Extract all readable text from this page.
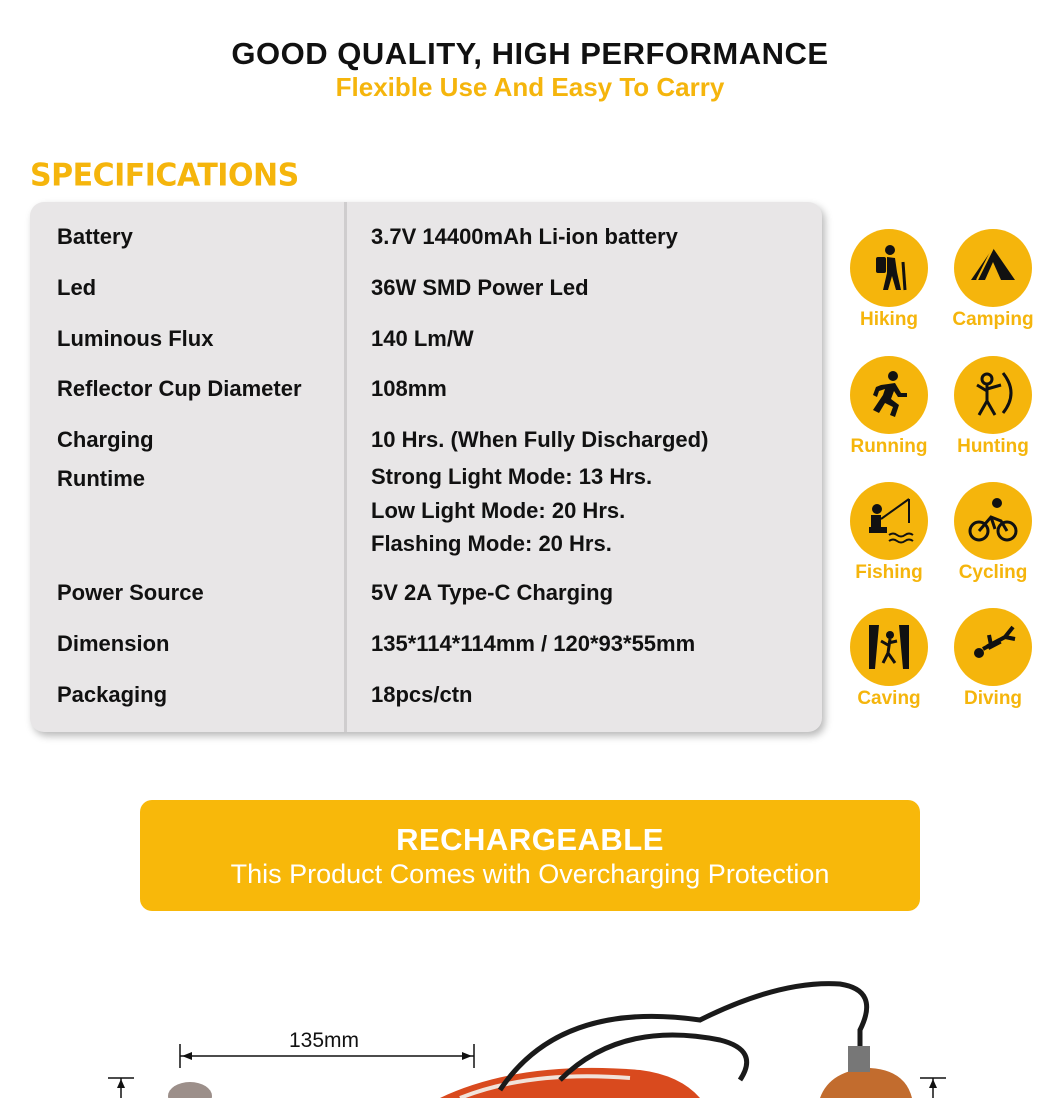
GOOD QUALITY, HIGH PERFORMANCE
Flexible Use And Easy To Carry
SPECIFICATIONS
Battery	3.7V 14400mAh Li-ion battery
Led	36W SMD Power Led
Luminous Flux	140 Lm/W
Reflector Cup Diameter	108mm
Charging	10 Hrs. (When Fully Discharged)
Runtime	Strong Light Mode: 13 Hrs.
Low Light Mode: 20 Hrs.
Flashing Mode: 20 Hrs.
Power Source	5V 2A Type-C Charging
Dimension	135*114*114mm / 120*93*55mm
Packaging	18pcs/ctn
Hiking	Camping
Running	Hunting
Fishing	Cycling
Caving	Diving
RECHARGEABLE
This Product Comes with Overcharging Protection
135mm
